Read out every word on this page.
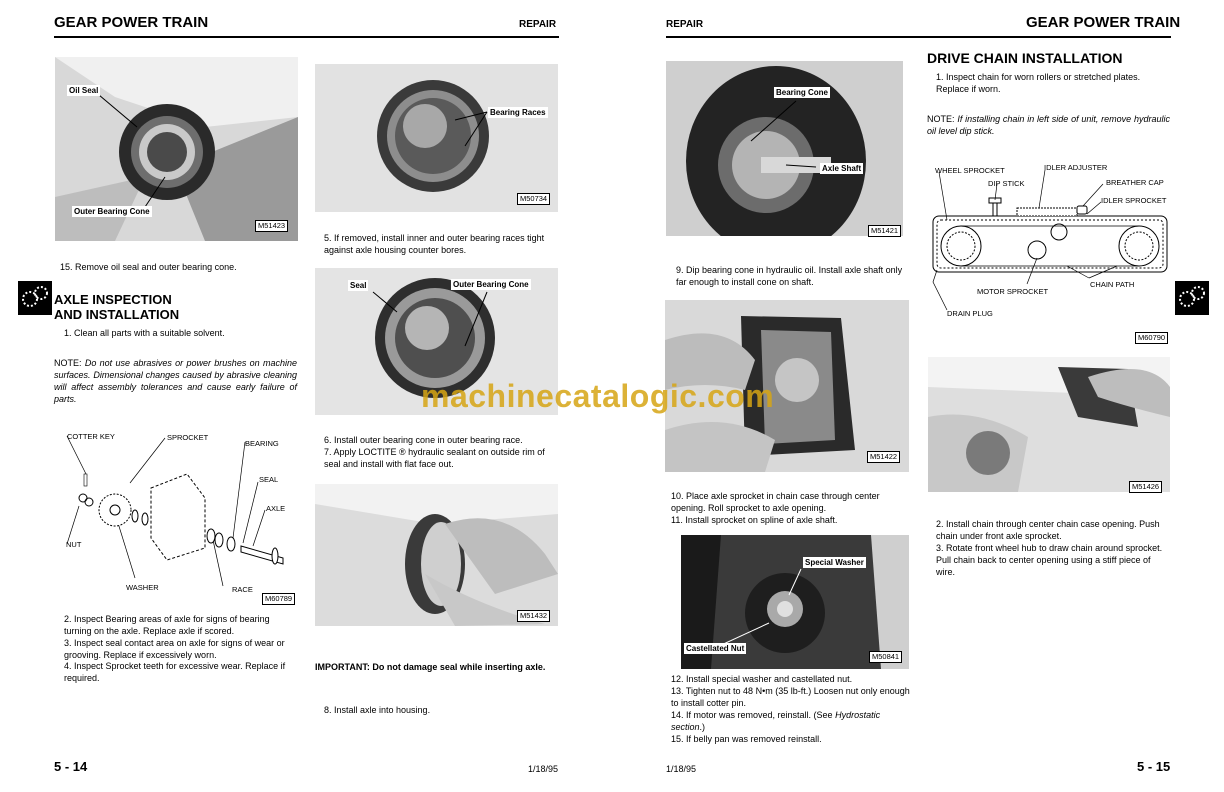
GEAR POWER TRAIN	REPAIR	REPAIR	GEAR POWER TRAIN
Oil Seal
Outer Bearing Cone
M51423
15. Remove oil seal and outer bearing cone.
AXLE INSPECTION
AND INSTALLATION
1. Clean all parts with a suitable solvent.
NOTE: Do not use abrasives or power brushes on machine surfaces. Dimensional changes caused by abrasive cleaning will affect assembly tolerances and cause early failure of parts.
COTTER KEY	SPROCKET
BEARING
SEAL
AXLE
NUT
WASHER	RACE
M60789
2. Inspect Bearing areas of axle for signs of bearing turning on the axle. Replace axle if scored.
3. Inspect seal contact area on axle for signs of wear or grooving. Replace if excessively worn.
4. Inspect Sprocket teeth for excessive wear. Replace if required.
Bearing Races
M50734
5. If removed, install inner and outer bearing races tight against axle housing counter bores.
Seal	Outer Bearing Cone
6. Install outer bearing cone in outer bearing race.
7. Apply LOCTITE ® hydraulic sealant on outside rim of seal and install with flat face out.
M51432
IMPORTANT: Do not damage seal while inserting axle.
8. Install axle into housing.
Bearing Cone
Axle Shaft
M51421
9. Dip bearing cone in hydraulic oil. Install axle shaft only far enough to install cone on shaft.
M51422
10. Place axle sprocket in chain case through center opening. Roll sprocket to axle opening.
11. Install sprocket on spline of axle shaft.
Special Washer
Castellated Nut
M50841
12. Install special washer and castellated nut.
13. Tighten nut to 48 N•m (35 lb-ft.) Loosen nut only enough to install cotter pin.
14. If motor was removed, reinstall. (See Hydrostatic section.)
15. If belly pan was removed reinstall.
DRIVE CHAIN INSTALLATION
1. Inspect chain for worn rollers or stretched plates. Replace if worn.
NOTE: If installing chain in left side of unit, remove hydraulic oil level dip stick.
WHEEL SPROCKET	IDLER ADJUSTER
DIP STICK	BREATHER CAP
IDLER SPROCKET
MOTOR SPROCKET
CHAIN PATH
DRAIN PLUG
M60790
M51426
2. Install chain through center chain case opening. Push chain under front axle sprocket.
3. Rotate front wheel hub to draw chain around sprocket. Pull chain back to center opening using a stiff piece of wire.
machinecatalogic.com
5 - 14	1/18/95	1/18/95	5 - 15
